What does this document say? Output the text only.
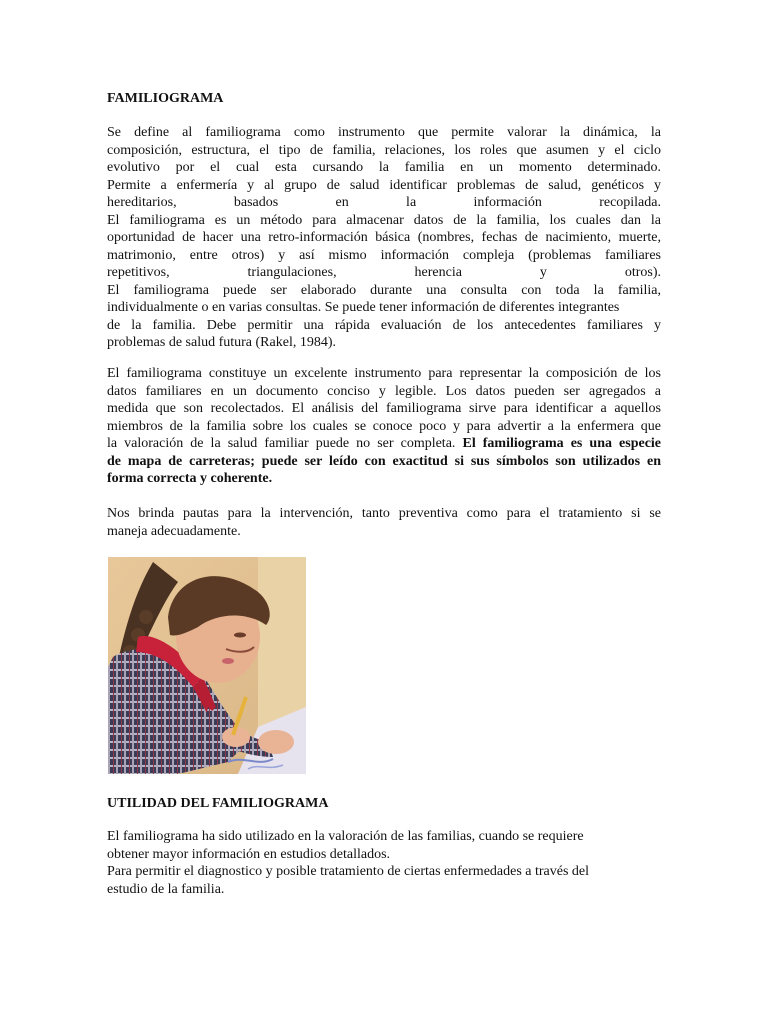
FAMILIOGRAMA
Se define al familiograma como instrumento que permite valorar la dinámica, la
composición, estructura, el tipo de familia, relaciones, los roles que asumen y el ciclo
evolutivo por el cual esta cursando la familia en un momento determinado.
Permite a enfermería y al grupo de salud identificar problemas de salud, genéticos y
hereditarios, basados en la información recopilada.
El familiograma es un método para almacenar datos de la familia, los cuales dan la
oportunidad de hacer una retro-información básica (nombres, fechas de nacimiento, muerte,
matrimonio, entre otros) y así mismo información compleja (problemas familiares
repetitivos, triangulaciones, herencia y otros).
El familiograma puede ser elaborado durante una consulta con toda la familia,
individualmente o en varias consultas. Se puede tener información de diferentes integrantes
de la familia. Debe permitir una rápida evaluación de los antecedentes familiares y
problemas de salud futura (Rakel, 1984).
El familiograma constituye un excelente instrumento para representar la composición de los
datos familiares en un documento conciso y legible. Los datos pueden ser agregados a
medida que son recolectados. El análisis del familiograma sirve para identificar a aquellos
miembros de la familia sobre los cuales se conoce poco y para advertir a la enfermera que
la valoración de la salud familiar puede no ser completa. El familiograma es una especie
de mapa de carreteras; puede ser leído con exactitud si sus símbolos son utilizados en
forma correcta y coherente.
Nos brinda pautas para la intervención, tanto preventiva como para el tratamiento si se
maneja adecuadamente.
UTILIDAD DEL FAMILIOGRAMA
El familiograma ha sido utilizado en la valoración de las familias, cuando se requiere
obtener mayor información en estudios detallados.
Para permitir el diagnostico y posible tratamiento de ciertas enfermedades a través del
estudio de la familia.
